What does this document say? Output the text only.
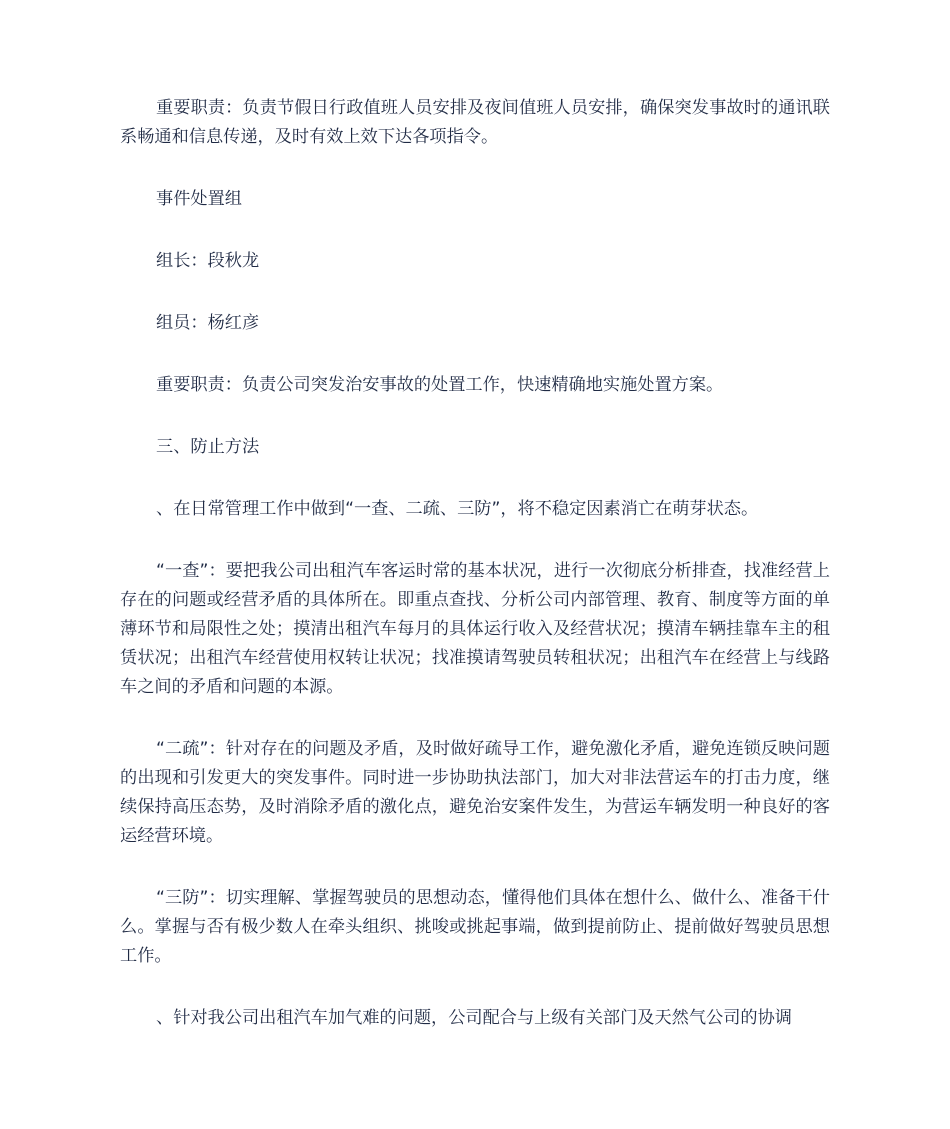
重要职责：负责节假日行政值班人员安排及夜间值班人员安排，确保突发事故时的通讯联系畅通和信息传递，及时有效上效下达各项指令。

事件处置组

组长：段秋龙

组员：杨红彦

重要职责：负责公司突发治安事故的处置工作，快速精确地实施处置方案。

三、防止方法

、在日常管理工作中做到“一查、二疏、三防”，将不稳定因素消亡在萌芽状态。

“一查”：要把我公司出租汽车客运时常的基本状况，进行一次彻底分析排查，找准经营上存在的问题或经营矛盾的具体所在。即重点查找、分析公司内部管理、教育、制度等方面的单薄环节和局限性之处；摸清出租汽车每月的具体运行收入及经营状况；摸清车辆挂靠车主的租赁状况；出租汽车经营使用权转让状况；找准摸请驾驶员转租状况；出租汽车在经营上与线路车之间的矛盾和问题的本源。

“二疏”：针对存在的问题及矛盾，及时做好疏导工作，避免激化矛盾，避免连锁反映问题的出现和引发更大的突发事件。同时进一步协助执法部门，加大对非法营运车的打击力度，继续保持高压态势，及时消除矛盾的激化点，避免治安案件发生，为营运车辆发明一种良好的客运经营环境。

“三防”：切实理解、掌握驾驶员的思想动态，懂得他们具体在想什么、做什么、准备干什么。掌握与否有极少数人在牵头组织、挑唆或挑起事端，做到提前防止、提前做好驾驶员思想工作。

、针对我公司出租汽车加气难的问题，公司配合与上级有关部门及天然气公司的协调
